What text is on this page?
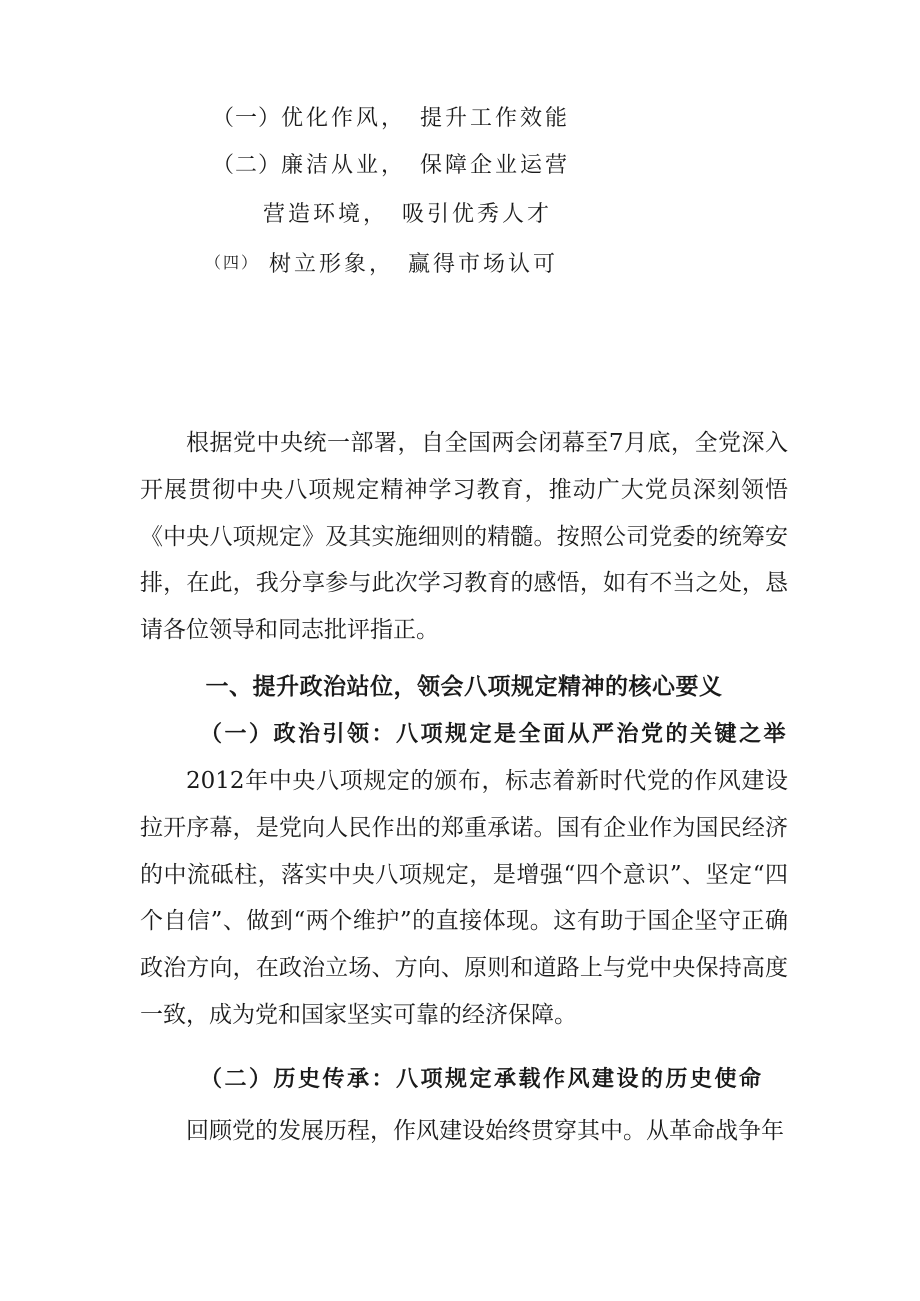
（一）优化作风， 提升工作效能
（二）廉洁从业， 保障企业运营
营造环境， 吸引优秀人才
（四） 树立形象， 赢得市场认可

根据党中央统一部署，自全国两会闭幕至7月底，全党深入开展贯彻中央八项规定精神学习教育，推动广大党员深刻领悟《中央八项规定》及其实施细则的精髓。按照公司党委的统筹安排，在此，我分享参与此次学习教育的感悟，如有不当之处，恳请各位领导和同志批评指正。

一、提升政治站位，领会八项规定精神的核心要义
（一）政治引领：八项规定是全面从严治党的关键之举

2012年中央八项规定的颁布，标志着新时代党的作风建设拉开序幕，是党向人民作出的郑重承诺。国有企业作为国民经济的中流砥柱，落实中央八项规定，是增强“四个意识”、坚定“四个自信”、做到“两个维护”的直接体现。这有助于国企坚守正确政治方向，在政治立场、方向、原则和道路上与党中央保持高度一致，成为党和国家坚实可靠的经济保障。

（二）历史传承：八项规定承载作风建设的历史使命

回顾党的发展历程，作风建设始终贯穿其中。从革命战争年
